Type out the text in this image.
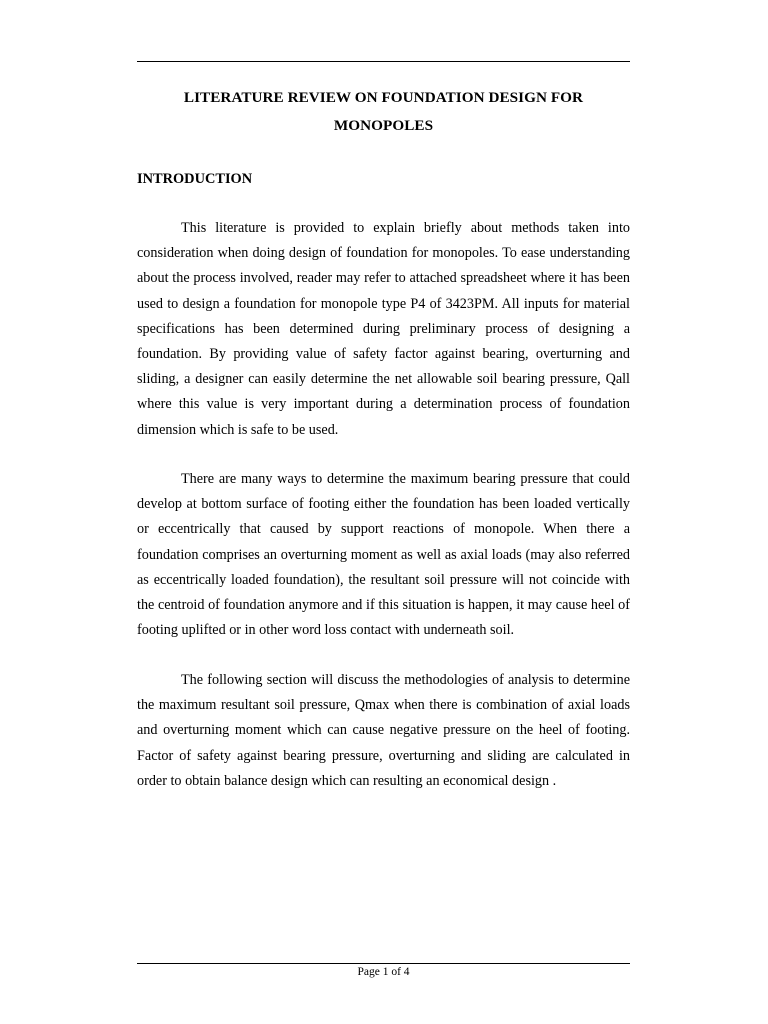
LITERATURE REVIEW ON FOUNDATION DESIGN FOR
MONOPOLES
INTRODUCTION

This literature is provided to explain briefly about methods taken into consideration when doing design of foundation for monopoles. To ease understanding about the process involved, reader may refer to attached spreadsheet where it has been used to design a foundation for monopole type P4 of 3423PM. All inputs for material specifications has been determined during preliminary process of designing a foundation. By providing value of safety factor against bearing, overturning and sliding, a designer can easily determine the net allowable soil bearing pressure, Qall where this value is very important during a determination process of foundation dimension which is safe to be used.

There are many ways to determine the maximum bearing pressure that could develop at bottom surface of footing either the foundation has been loaded vertically or eccentrically that caused by support reactions of monopole. When there a foundation comprises an overturning moment as well as axial loads (may also referred as eccentrically loaded foundation), the resultant soil pressure will not coincide with the centroid of foundation anymore and if this situation is happen, it may cause heel of footing uplifted or in other word loss contact with underneath soil.

The following section will discuss the methodologies of analysis to determine the maximum resultant soil pressure, Qmax when there is combination of axial loads and overturning moment which can cause negative pressure on the heel of footing. Factor of safety against bearing pressure, overturning and sliding are calculated in order to obtain balance design which can resulting an economical design .

Page 1 of 4
